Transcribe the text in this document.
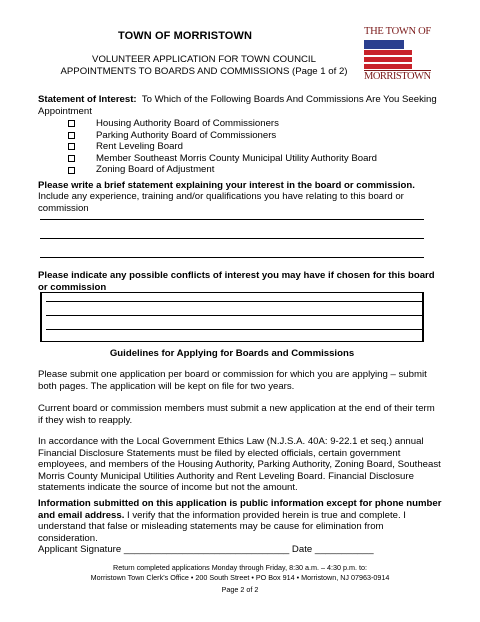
TOWN OF MORRISTOWN
VOLUNTEER APPLICATION FOR TOWN COUNCIL
APPOINTMENTS TO BOARDS AND COMMISSIONS (Page 1 of 2)
THE TOWN OF
MORRISTOWN
Statement of Interest: To Which of the Following Boards And Commissions Are You Seeking Appointment
Housing Authority Board of Commissioners
Parking Authority Board of Commissioners
Rent Leveling Board
Member Southeast Morris County Municipal Utility Authority Board
Zoning Board of Adjustment
Please write a brief statement explaining your interest in the board or commission.
Include any experience, training and/or qualifications you have relating to this board or commission
Please indicate any possible conflicts of interest you may have if chosen for this board or commission
Guidelines for Applying for Boards and Commissions
Please submit one application per board or commission for which you are applying – submit both pages. The application will be kept on file for two years.
Current board or commission members must submit a new application at the end of their term if they wish to reapply.
In accordance with the Local Government Ethics Law (N.J.S.A. 40A: 9-22.1 et seq.) annual Financial Disclosure Statements must be filed by elected officials, certain government employees, and members of the Housing Authority, Parking Authority, Zoning Board, Southeast Morris County Municipal Utilities Authority and Rent Leveling Board. Financial Disclosure statements indicate the source of income but not the amount.
Information submitted on this application is public information except for phone number and email address. I verify that the information provided herein is true and complete. I understand that false or misleading statements may be cause for elimination from consideration.
Applicant Signature _______________________________ Date ___________
Return completed applications Monday through Friday, 8:30 a.m. – 4:30 p.m. to:
Morristown Town Clerk’s Office • 200 South Street • PO Box 914 • Morristown, NJ 07963-0914
Page 2 of 2
